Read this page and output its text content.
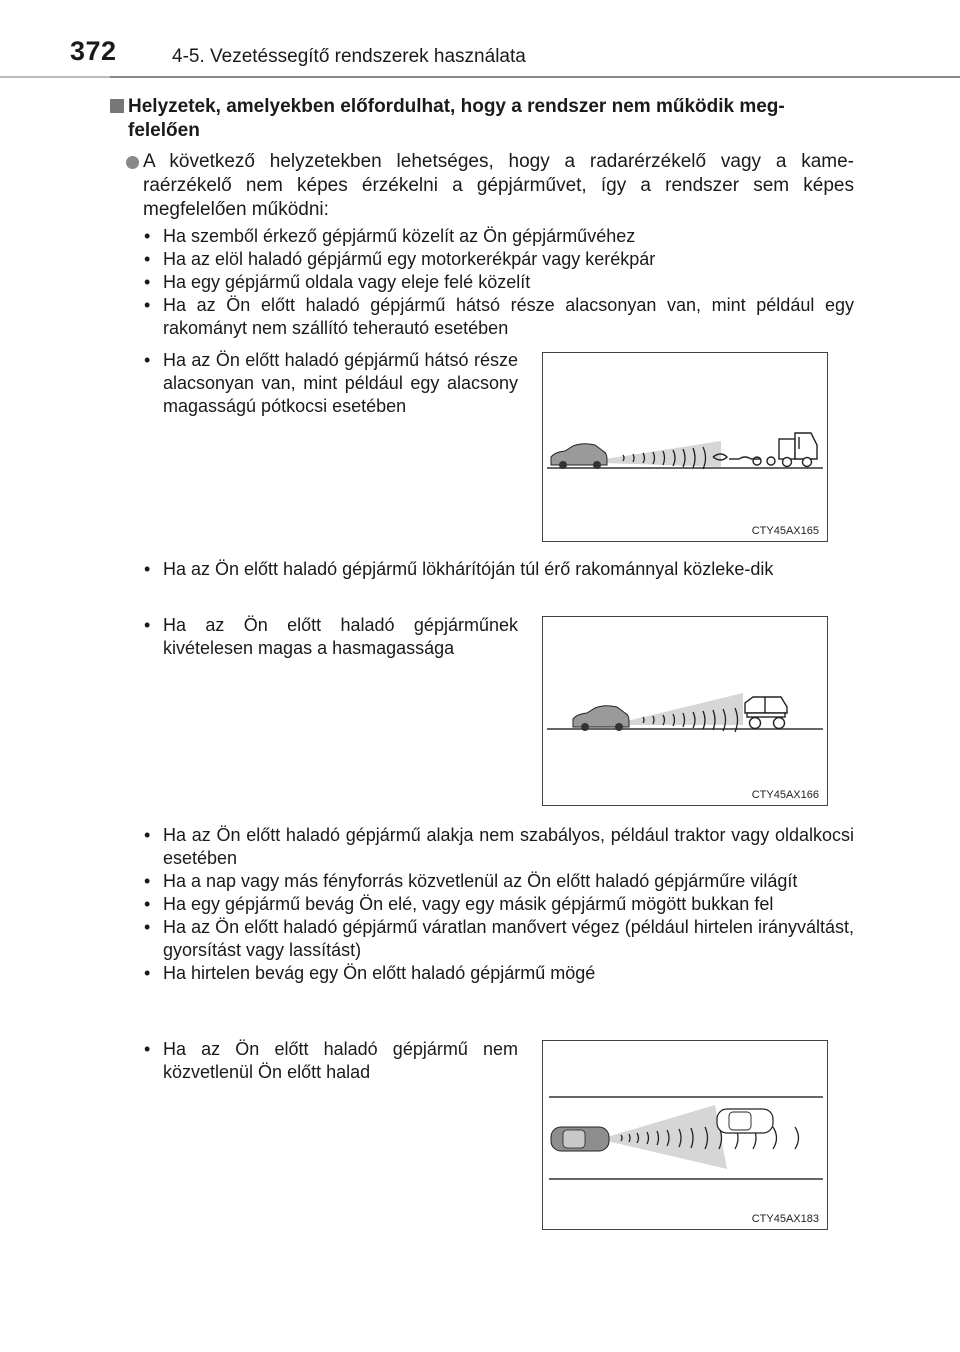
372	4-5. Vezetéssegítő rendszerek használata
Helyzetek, amelyekben előfordulhat, hogy a rendszer nem működik meg-felelően
A következő helyzetekben lehetséges, hogy a radarérzékelő vagy a kame-raérzékelő nem képes érzékelni a gépjárművet, így a rendszer sem képes megfelelően működni:
• Ha szemből érkező gépjármű közelít az Ön gépjárművéhez
• Ha az elöl haladó gépjármű egy motorkerékpár vagy kerékpár
• Ha egy gépjármű oldala vagy eleje felé közelít
• Ha az Ön előtt haladó gépjármű hátsó része alacsonyan van, mint például egy rakományt nem szállító teherautó esetében
• Ha az Ön előtt haladó gépjármű hátsó része alacsonyan van, mint például egy alacsony magasságú pótkocsi esetében
CTY45AX165
• Ha az Ön előtt haladó gépjármű lökhárítóján túl érő rakománnyal közleke-dik
• Ha az Ön előtt haladó gépjárműnek kivételesen magas a hasmagassága
CTY45AX166
• Ha az Ön előtt haladó gépjármű alakja nem szabályos, például traktor vagy oldalkocsi esetében
• Ha a nap vagy más fényforrás közvetlenül az Ön előtt haladó gépjárműre világít
• Ha egy gépjármű bevág Ön elé, vagy egy másik gépjármű mögött bukkan fel
• Ha az Ön előtt haladó gépjármű váratlan manővert végez (például hirtelen irányváltást, gyorsítást vagy lassítást)
• Ha hirtelen bevág egy Ön előtt haladó gépjármű mögé
• Ha az Ön előtt haladó gépjármű nem közvetlenül Ön előtt halad
CTY45AX183
